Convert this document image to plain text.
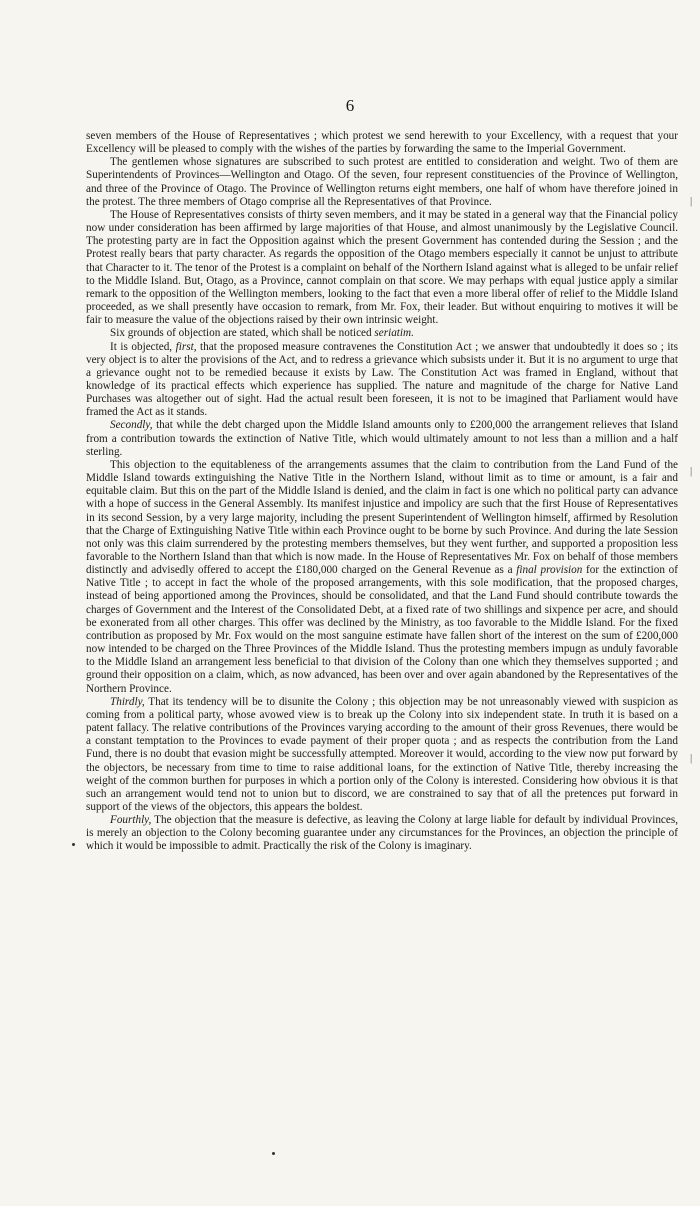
6

seven members of the House of Representatives ; which protest we send herewith to your Excellency, with a request that your Excellency will be pleased to comply with the wishes of the parties by forwarding the same to the Imperial Government.

The gentlemen whose signatures are subscribed to such protest are entitled to consideration and weight. Two of them are Superintendents of Provinces—Wellington and Otago. Of the seven, four represent constituencies of the Province of Wellington, and three of the Province of Otago. The Province of Wellington returns eight members, one half of whom have therefore joined in the protest. The three members of Otago comprise all the Representatives of that Province.

The House of Representatives consists of thirty seven members, and it may be stated in a general way that the Financial policy now under consideration has been affirmed by large majorities of that House, and almost unanimously by the Legislative Council. The protesting party are in fact the Opposition against which the present Government has contended during the Session ; and the Protest really bears that party character. As regards the opposition of the Otago members especially it cannot be unjust to attribute that Character to it. The tenor of the Protest is a complaint on behalf of the Northern Island against what is alleged to be unfair relief to the Middle Island. But, Otago, as a Province, cannot complain on that score. We may perhaps with equal justice apply a similar remark to the opposition of the Wellington members, looking to the fact that even a more liberal offer of relief to the Middle Island proceeded, as we shall presently have occasion to remark, from Mr. Fox, their leader. But without enquiring to motives it will be fair to measure the value of the objections raised by their own intrinsic weight.

Six grounds of objection are stated, which shall be noticed seriatim.

It is objected, first, that the proposed measure contravenes the Constitution Act ; we answer that undoubtedly it does so ; its very object is to alter the provisions of the Act, and to redress a grievance which subsists under it. But it is no argument to urge that a grievance ought not to be remedied because it exists by Law. The Constitution Act was framed in England, without that knowledge of its practical effects which experience has supplied. The nature and magnitude of the charge for Native Land Purchases was altogether out of sight. Had the actual result been foreseen, it is not to be imagined that Parliament would have framed the Act as it stands.

Secondly, that while the debt charged upon the Middle Island amounts only to £200,000 the arrangement relieves that Island from a contribution towards the extinction of Native Title, which would ultimately amount to not less than a million and a half sterling.

This objection to the equitableness of the arrangements assumes that the claim to contribution from the Land Fund of the Middle Island towards extinguishing the Native Title in the Northern Island, without limit as to time or amount, is a fair and equitable claim. But this on the part of the Middle Island is denied, and the claim in fact is one which no political party can advance with a hope of success in the General Assembly. Its manifest injustice and impolicy are such that the first House of Representatives in its second Session, by a very large majority, including the present Superintendent of Wellington himself, affirmed by Resolution that the Charge of Extinguishing Native Title within each Province ought to be borne by such Province. And during the late Session not only was this claim surrendered by the protesting members themselves, but they went further, and supported a proposition less favorable to the Northern Island than that which is now made. In the House of Representatives Mr. Fox on behalf of those members distinctly and advisedly offered to accept the £180,000 charged on the General Revenue as a final provision for the extinction of Native Title ; to accept in fact the whole of the proposed arrangements, with this sole modification, that the proposed charges, instead of being apportioned among the Provinces, should be consolidated, and that the Land Fund should contribute towards the charges of Government and the Interest of the Consolidated Debt, at a fixed rate of two shillings and sixpence per acre, and should be exonerated from all other charges. This offer was declined by the Ministry, as too favorable to the Middle Island. For the fixed contribution as proposed by Mr. Fox would on the most sanguine estimate have fallen short of the interest on the sum of £200,000 now intended to be charged on the Three Provinces of the Middle Island. Thus the protesting members impugn as unduly favorable to the Middle Island an arrangement less beneficial to that division of the Colony than one which they themselves supported ; and ground their opposition on a claim, which, as now advanced, has been over and over again abandoned by the Representatives of the Northern Province.

Thirdly, That its tendency will be to disunite the Colony ; this objection may be not unreasonably viewed with suspicion as coming from a political party, whose avowed view is to break up the Colony into six independent state. In truth it is based on a patent fallacy. The relative contributions of the Provinces varying according to the amount of their gross Revenues, there would be a constant temptation to the Provinces to evade payment of their proper quota ; and as respects the contribution from the Land Fund, there is no doubt that evasion might be successfully attempted. Moreover it would, according to the view now put forward by the objectors, be necessary from time to time to raise additional loans, for the extinction of Native Title, thereby increasing the weight of the common burthen for purposes in which a portion only of the Colony is interested. Considering how obvious it is that such an arrangement would tend not to union but to discord, we are constrained to say that of all the pretences put forward in support of the views of the objectors, this appears the boldest.

Fourthly, The objection that the measure is defective, as leaving the Colony at large liable for default by individual Provinces, is merely an objection to the Colony becoming guarantee under any circumstances for the Provinces, an objection the principle of which it would be impossible to admit. Practically the risk of the Colony is imaginary.

|
|
|
